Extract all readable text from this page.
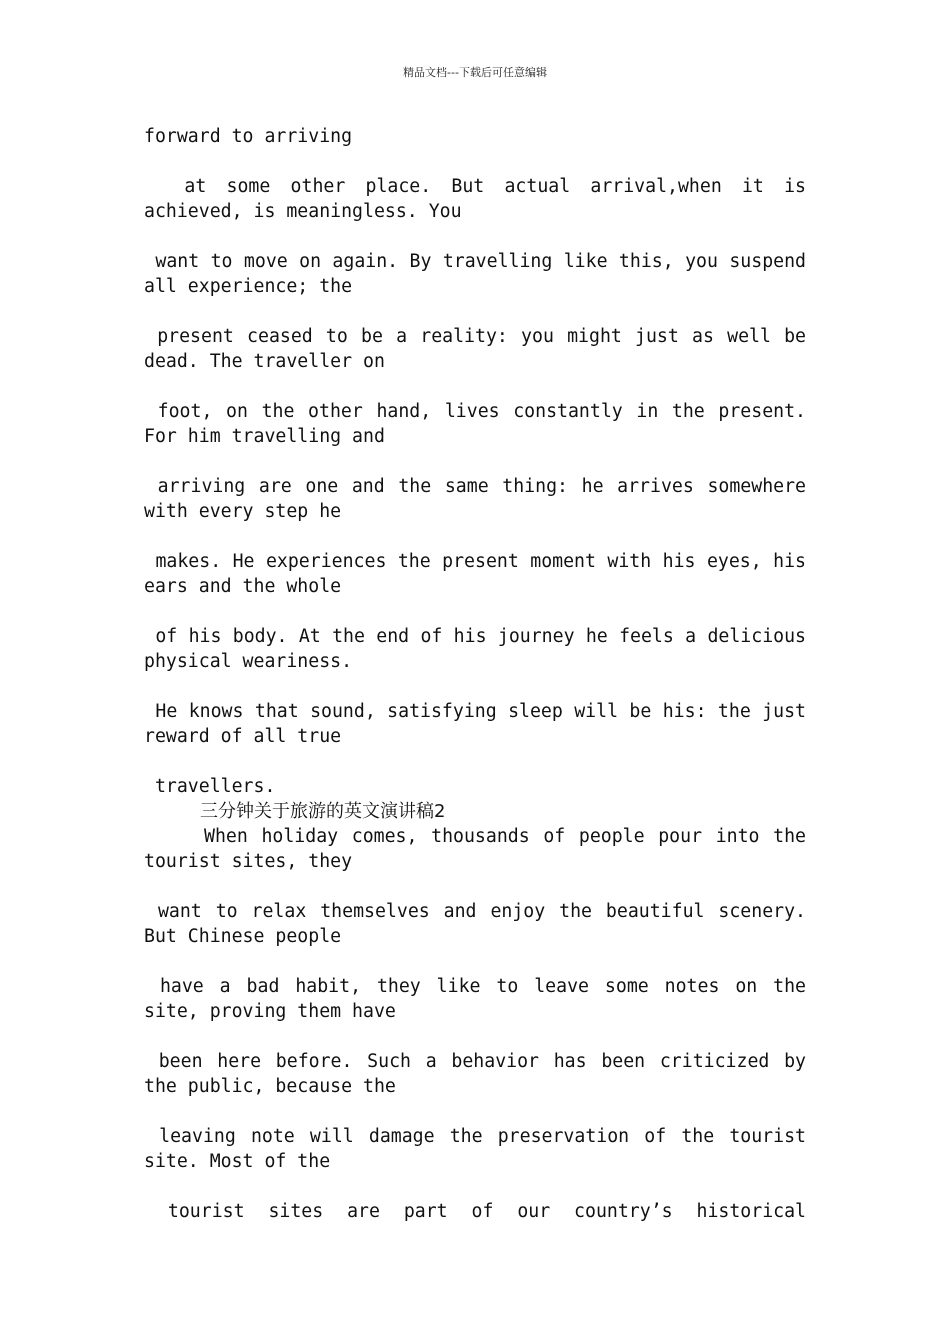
精品文档---下载后可任意编辑

forward to arriving

at some other place. But actual arrival,when it is achieved, is meaningless. You

want to move on again. By travelling like this, you suspend all experience; the

present ceased to be a reality: you might just as well be dead. The traveller on

foot, on the other hand, lives constantly in the present. For him travelling and

arriving are one and the same thing: he arrives somewhere with every step he

makes. He experiences the present moment with his eyes, his ears and the whole

of his body. At the end of his journey he feels a delicious physical weariness.

He knows that sound, satisfying sleep will be his: the just reward of all true

travellers.

三分钟关于旅游的英文演讲稿2

When holiday comes, thousands of people pour into the tourist sites, they

want to relax themselves and enjoy the beautiful scenery. But Chinese people

have a bad habit, they like to leave some notes on the site, proving them have

been here before. Such a behavior has been criticized by the public, because the

leaving note will damage the preservation of the tourist site. Most of the

tourist sites are part of our country’s historical
